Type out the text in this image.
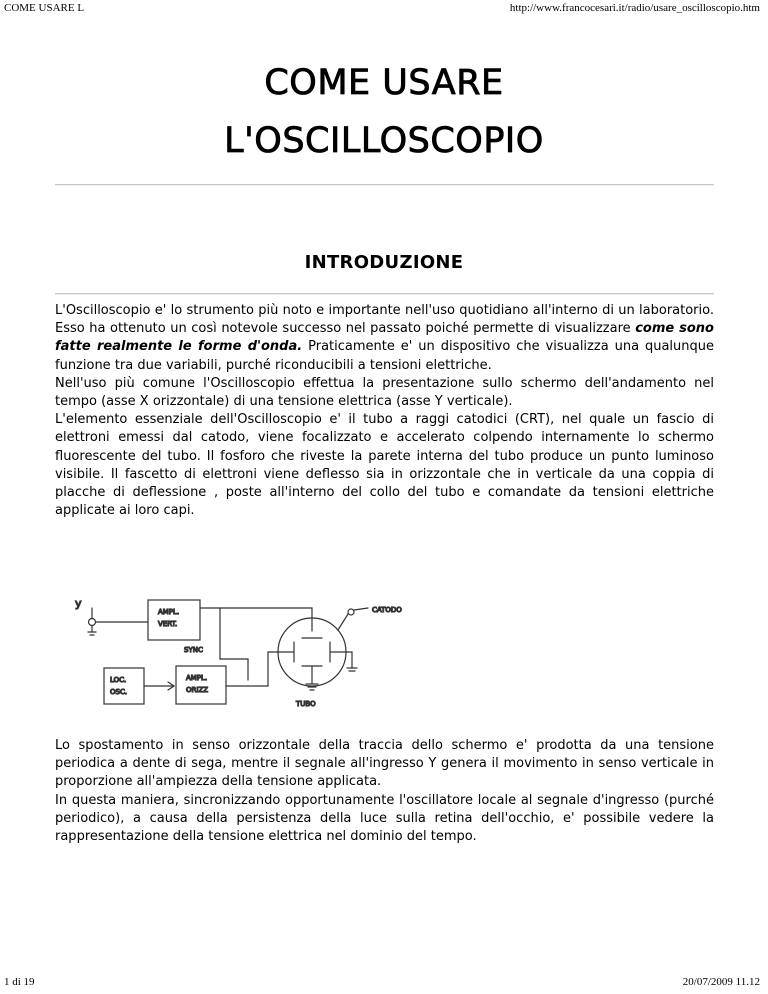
COME USARE L	http://www.francocesari.it/radio/usare_oscilloscopio.htm
COME USARE
L'OSCILLOSCOPIO
INTRODUZIONE

L'Oscilloscopio e' lo strumento più noto e importante nell'uso quotidiano all'interno di un laboratorio. Esso ha ottenuto un così notevole successo nel passato poiché permette di visualizzare come sono fatte realmente le forme d'onda. Praticamente e' un dispositivo che visualizza una qualunque funzione tra due variabili, purché riconducibili a tensioni elettriche.
Nell'uso più comune l'Oscilloscopio effettua la presentazione sullo schermo dell'andamento nel tempo (asse X orizzontale) di una tensione elettrica (asse Y verticale).
L'elemento essenziale dell'Oscilloscopio e' il tubo a raggi catodici (CRT), nel quale un fascio di elettroni emessi dal catodo, viene focalizzato e accelerato colpendo internamente lo schermo fluorescente del tubo. Il fosforo che riveste la parete interna del tubo produce un punto luminoso visibile. Il fascetto di elettroni viene deflesso sia in orizzontale che in verticale da una coppia di placche di deflessione , poste all'interno del collo del tubo e comandate da tensioni elettriche applicate ai loro capi.

y
AMPL.
VERT.
SYNC
LOC.
OSC.
AMPL.
ORIZZ
CATODO
TUBO

Lo spostamento in senso orizzontale della traccia dello schermo e' prodotta da una tensione periodica a dente di sega, mentre il segnale all'ingresso Y genera il movimento in senso verticale in proporzione all'ampiezza della tensione applicata.
In questa maniera, sincronizzando opportunamente l'oscillatore locale al segnale d'ingresso (purché periodico), a causa della persistenza della luce sulla retina dell'occhio, e' possibile vedere la rappresentazione della tensione elettrica nel dominio del tempo.

1 di 19	20/07/2009 11.12
